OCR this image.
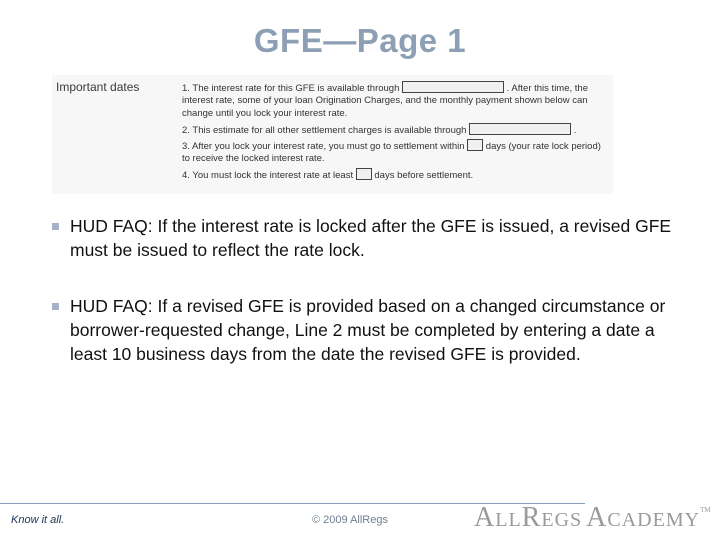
GFE—Page 1
Important dates	1. The interest rate for this GFE is available through	. After this time, the
interest rate, some of your loan Origination Charges, and the monthly payment shown below can
change until you lock your interest rate.
2. This estimate for all other settlement charges is available through	.
3. After you lock your interest rate, you must go to settlement within days (your rate lock period)
to receive the locked interest rate.
4. You must lock the interest rate at least days before settlement.
HUD FAQ: If the interest rate is locked after the GFE is issued, a revised GFE must be issued to reflect the rate lock.
HUD FAQ: If a revised GFE is provided based on a changed circumstance or borrower-requested change, Line 2 must be completed by entering a date a least 10 business days from the date the revised GFE is provided.
Know it all.	© 2009 AllRegs	ALLREGS ACADEMY™
